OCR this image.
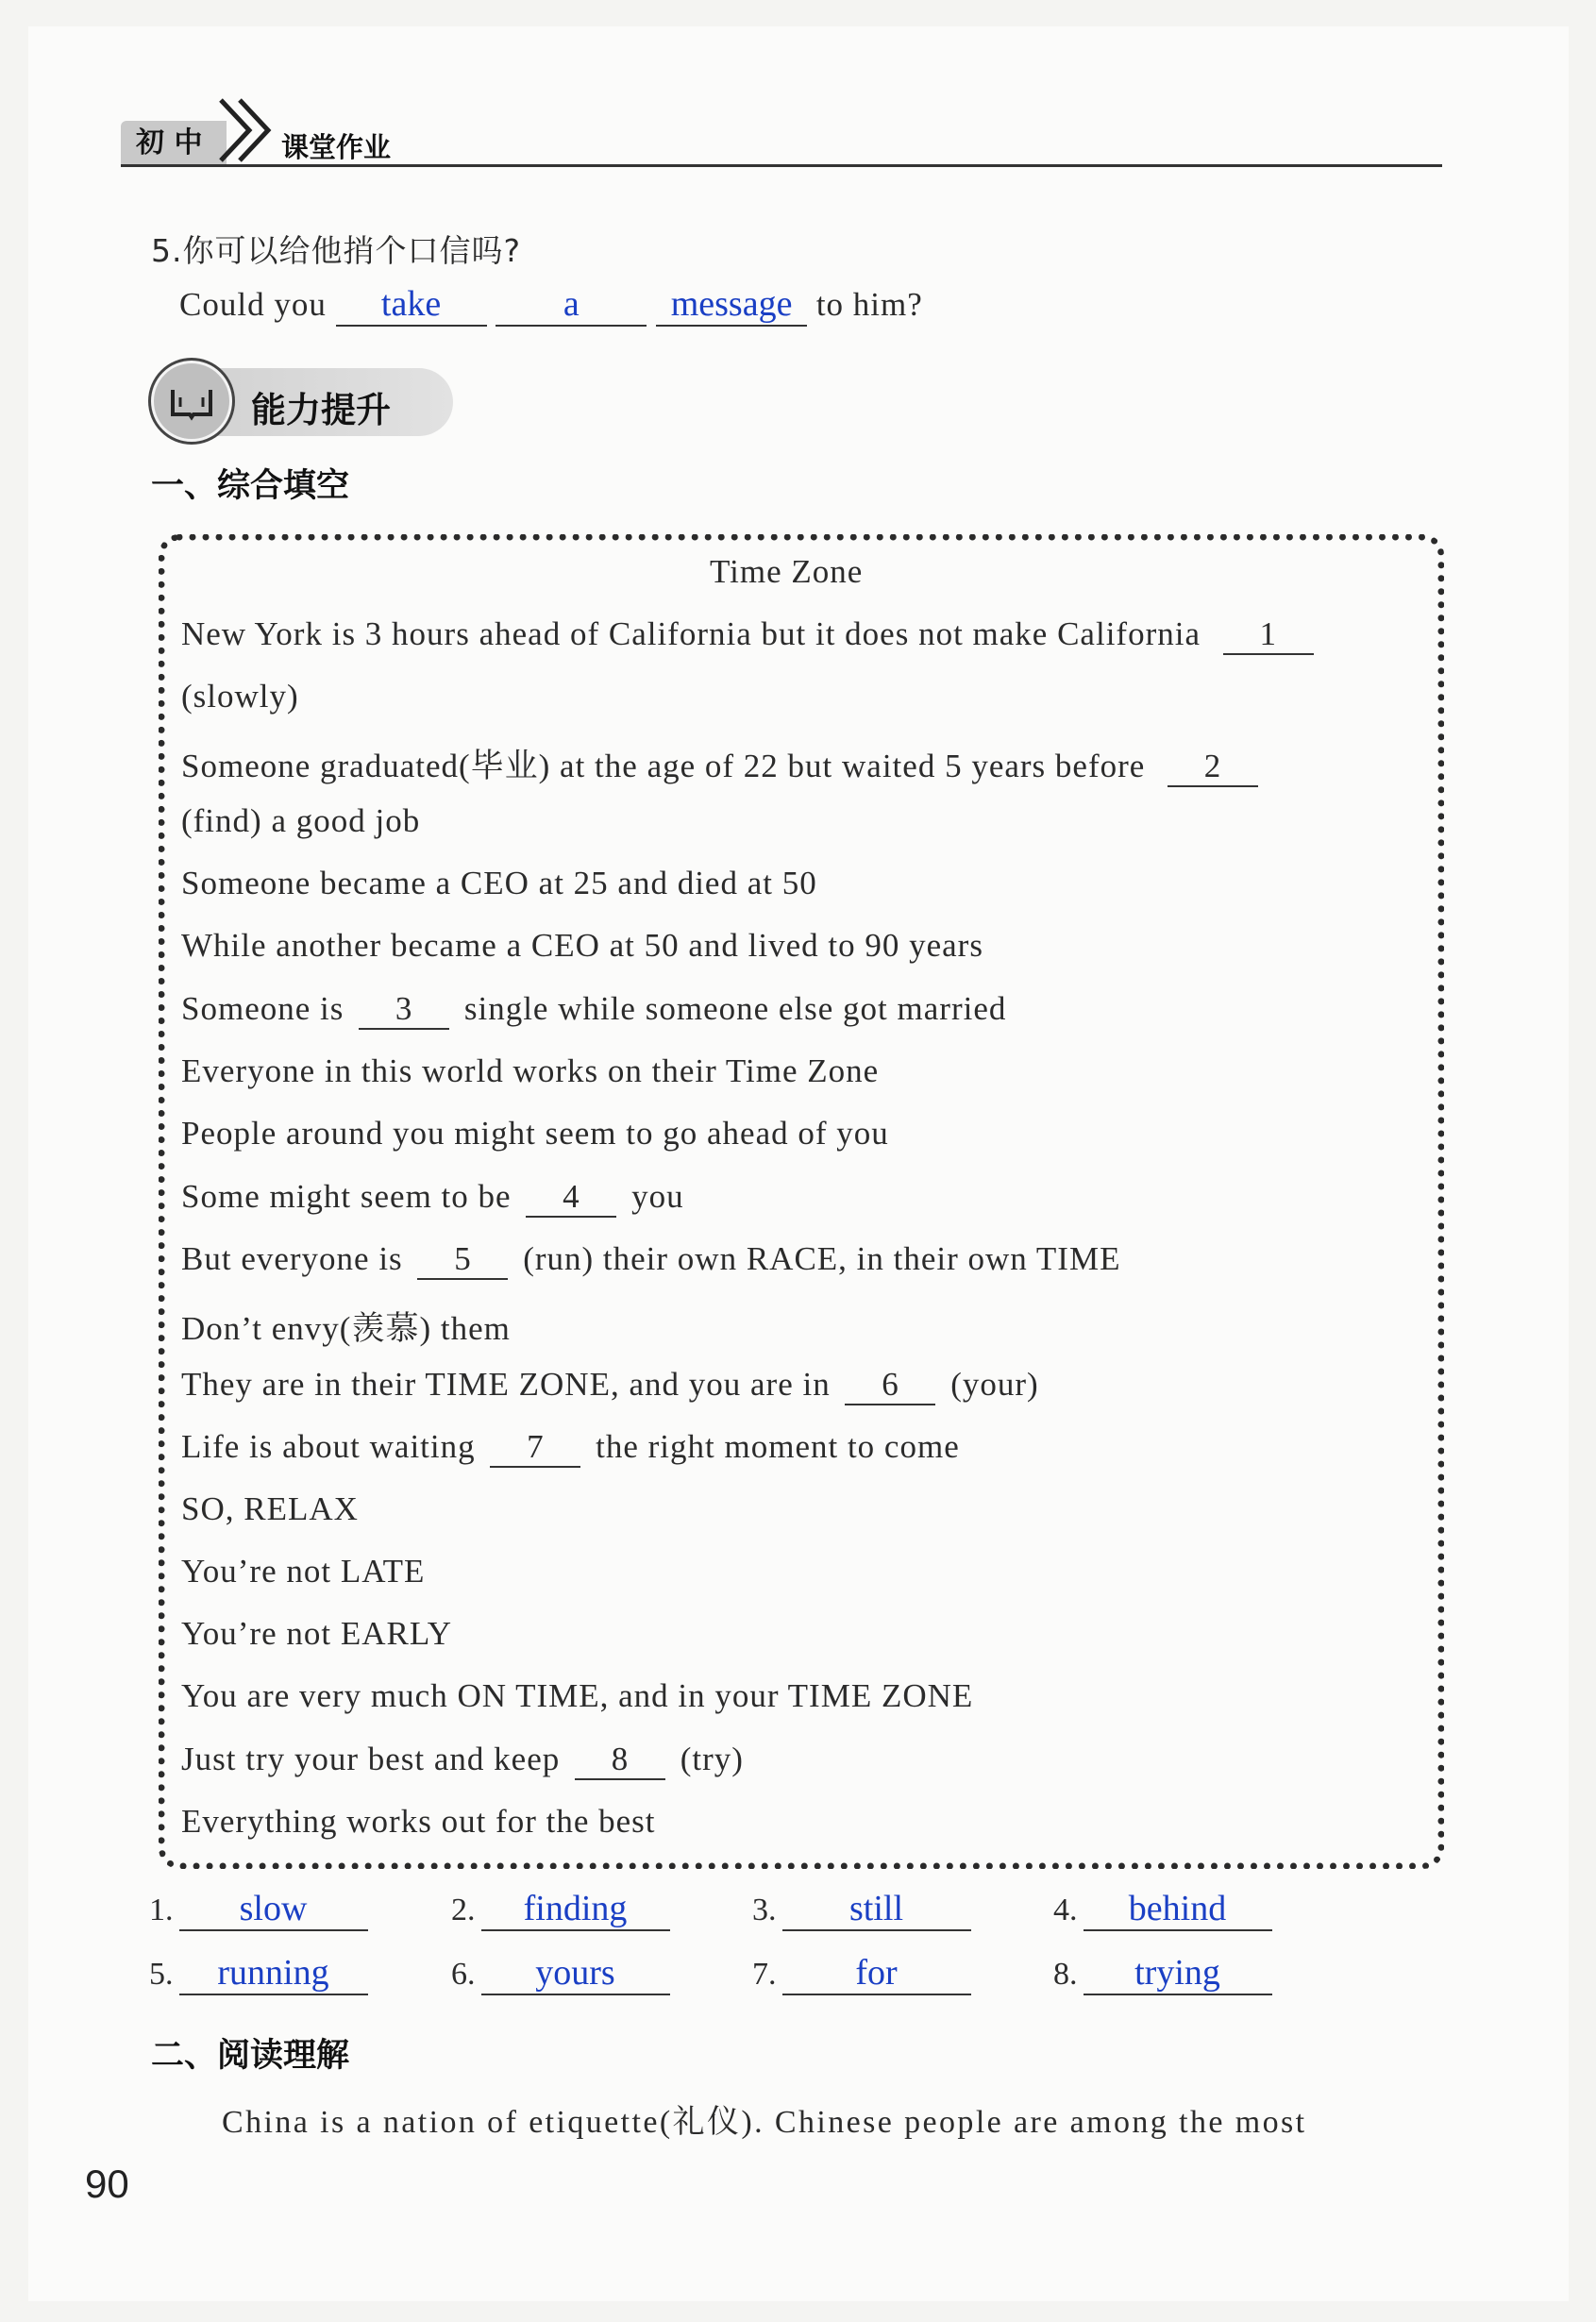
初 中	课堂作业
5.你可以给他捎个口信吗?
Could you take	a	message to him?
能力提升
一、综合填空
Time Zone
New York is 3 hours ahead of California but it does not make California 1
(slowly)
Someone graduated(毕业) at the age of 22 but waited 5 years before 2
(find) a good job
Someone became a CEO at 25 and died at 50
While another became a CEO at 50 and lived to 90 years
Someone is 3 single while someone else got married
Everyone in this world works on their Time Zone
People around you might seem to go ahead of you
Some might seem to be 4 you
But everyone is 5 (run) their own RACE, in their own TIME
Don’t envy(羡慕) them
They are in their TIME ZONE, and you are in 6 (your)
Life is about waiting 7 the right moment to come
SO, RELAX
You’re not LATE
You’re not EARLY
You are very much ON TIME, and in your TIME ZONE
Just try your best and keep 8 (try)
Everything works out for the best
1. slow	2. finding	3. still	4. behind
5. running	6. yours	7. for	8. trying
二、阅读理解
China is a nation of etiquette(礼仪). Chinese people are among the most
90
